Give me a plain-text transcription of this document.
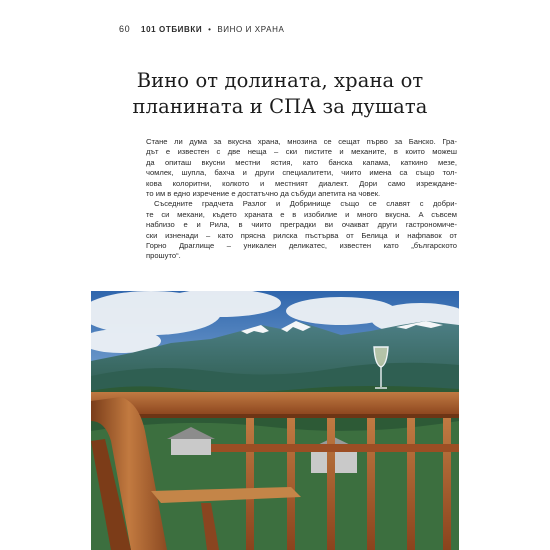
60 101 ОТБИВКИ • ВИНО И ХРАНА
Вино от долината, храна от
планината и СПА за душата
Стане ли дума за вкусна храна, мнозина се сещат първо за Банско. Гра-
дът е известен с две неща – ски пистите и механите, в които можеш
да опиташ вкусни местни ястия, като банска капама, каткино мезе,
чомлек, шупла, бахча и други специалитети, чиито имена са също тол-
кова колоритни, колкото и местният диалект. Дори само изреждане-
то им в едно изречение е достатъчно да събуди апетита на човек.
Съседните градчета Разлог и Добринище също се славят с добри-
те си механи, където храната е в изобилие и много вкусна. А съвсем
наблизо е и Рила, в чиито преградки ви очакват други гастрономиче-
ски изненади – като прясна рилска пъстърва от Белица и нафпавок от
Горно Драглище – уникален деликатес, известен като „българското
прошуто“.
